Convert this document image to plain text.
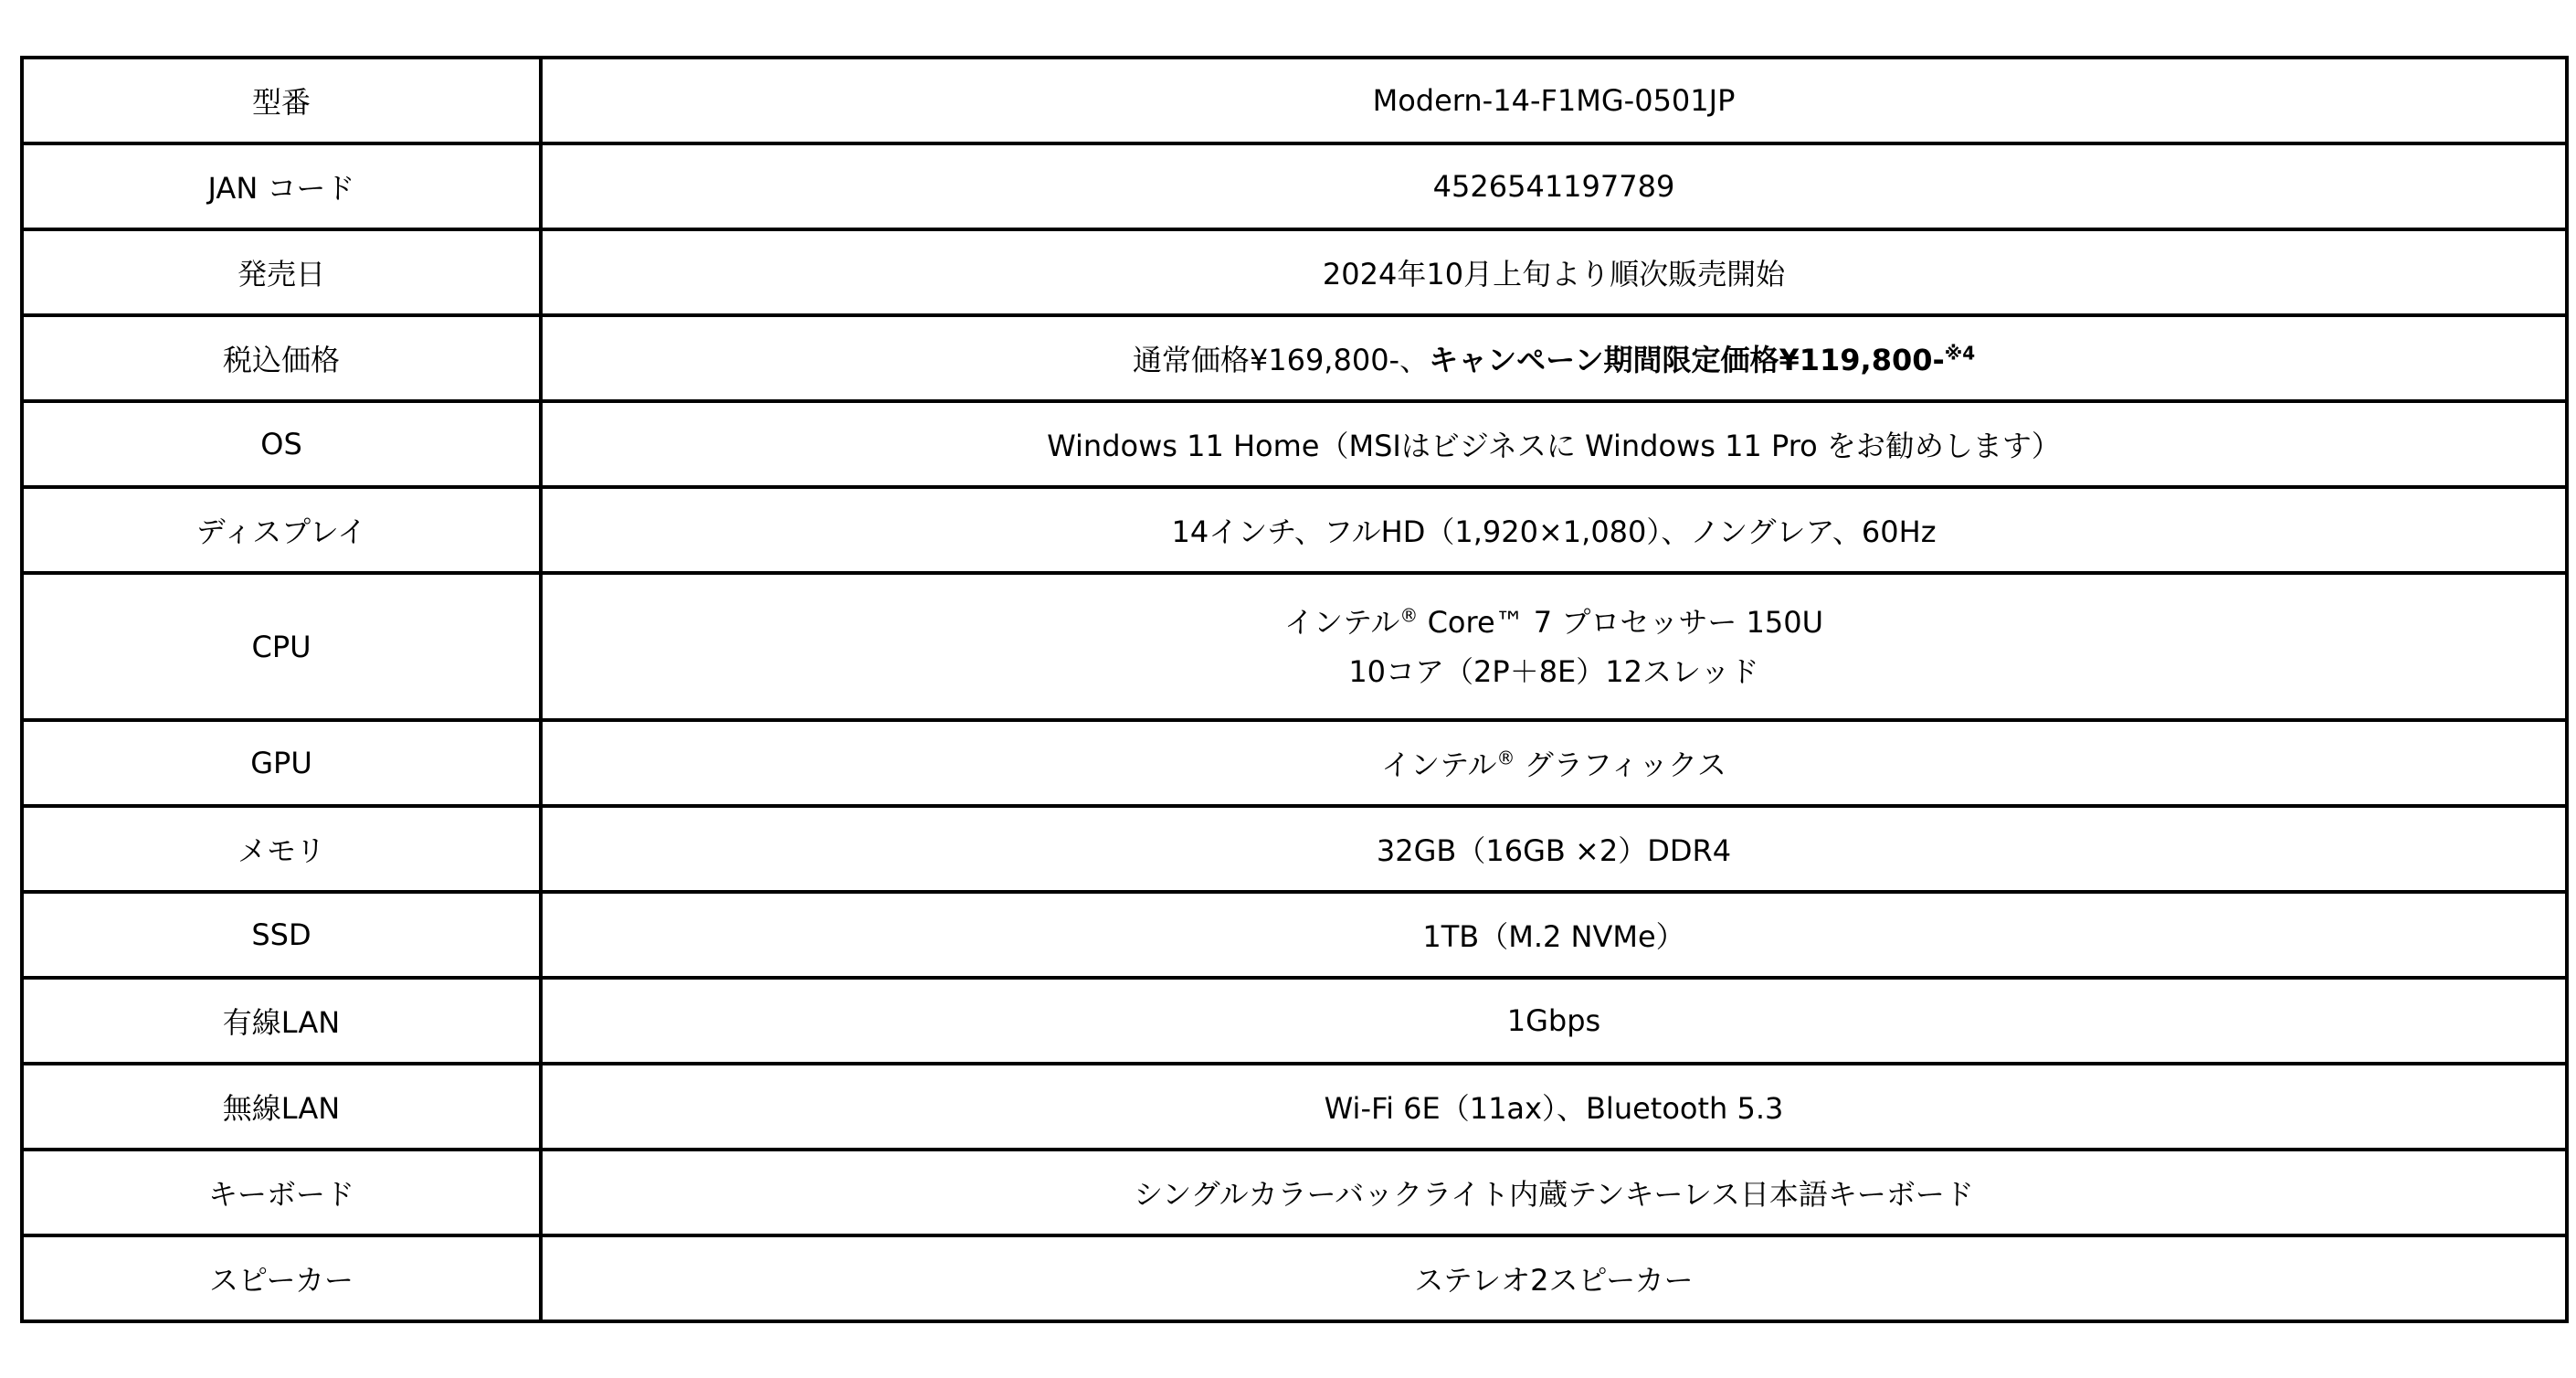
型番	Modern-14-F1MG-0501JP
JAN コード	4526541197789
発売日	2024年10月上旬より順次販売開始
税込価格	通常価格¥169,800-、キャンペーン期間限定価格¥119,800-$^{※4}$
OS	Windows 11 Home（MSIはビジネスに Windows 11 Pro をお勧めします）
ディスプレイ	14インチ、フルHD（1,920×1,080）、ノングレア、60Hz
CPU	インテル® Core™ 7 プロセッサー 150U
10コア（2P＋8E）12スレッド

GPU	インテル® グラフィックス
メモリ	32GB（16GB ×2）DDR4
SSD	1TB（M.2 NVMe）
有線LAN	1Gbps
無線LAN	Wi-Fi 6E（11ax）、Bluetooth 5.3
キーボード	シングルカラーバックライト内蔵テンキーレス日本語キーボード
スピーカー	ステレオ2スピーカー
